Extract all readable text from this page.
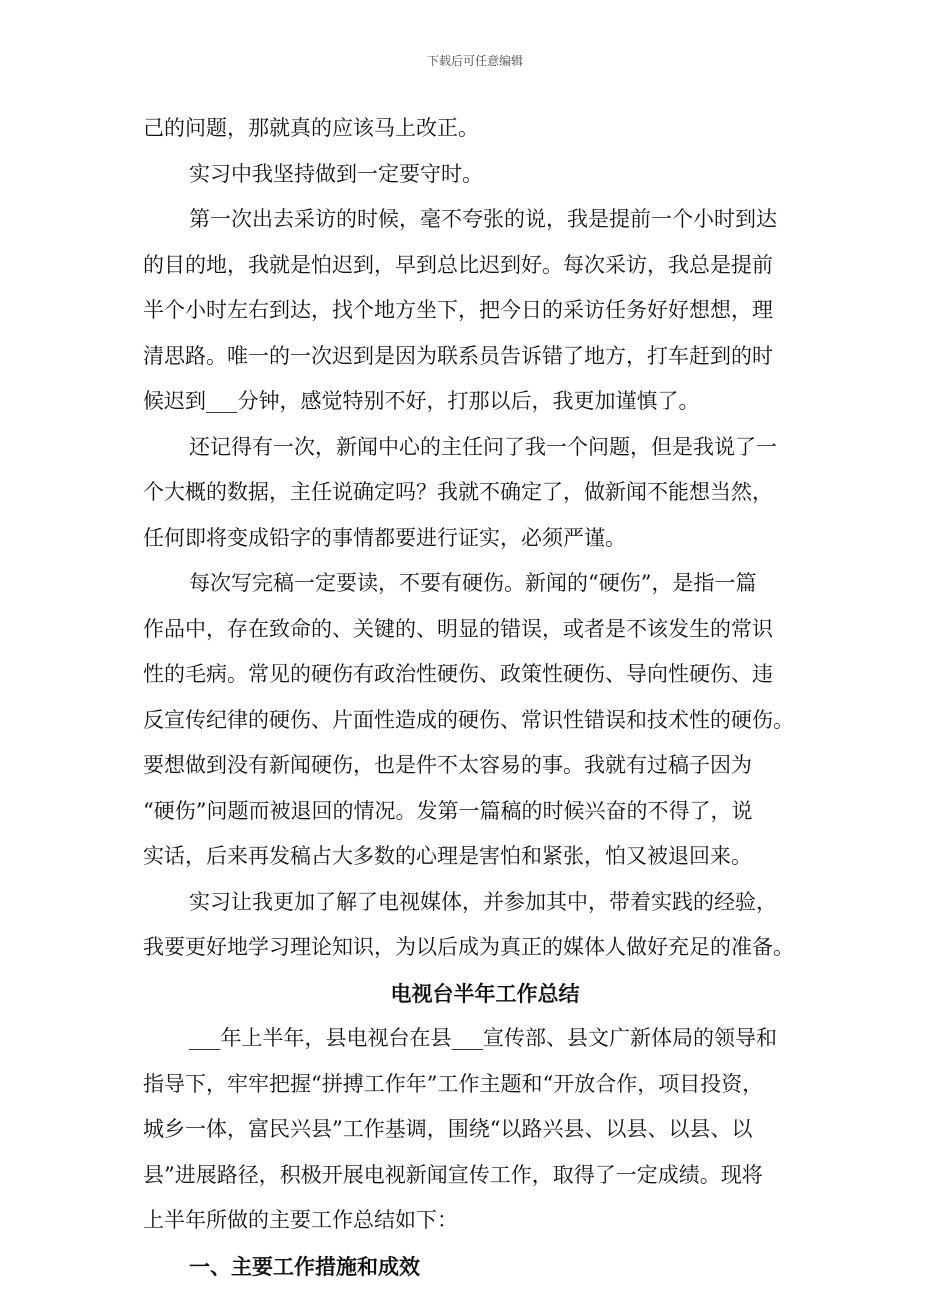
下载后可任意编辑
己的问题，那就真的应该马上改正。
实习中我坚持做到一定要守时。
第一次出去采访的时候，毫不夸张的说，我是提前一个小时到达
的目的地，我就是怕迟到，早到总比迟到好。每次采访，我总是提前
半个小时左右到达，找个地方坐下，把今日的采访任务好好想想，理
清思路。唯一的一次迟到是因为联系员告诉错了地方，打车赶到的时
候迟到___分钟，感觉特别不好，打那以后，我更加谨慎了。
还记得有一次，新闻中心的主任问了我一个问题，但是我说了一
个大概的数据，主任说确定吗？我就不确定了，做新闻不能想当然，
任何即将变成铅字的事情都要进行证实，必须严谨。
每次写完稿一定要读，不要有硬伤。新闻的“硬伤”，是指一篇
作品中，存在致命的、关键的、明显的错误，或者是不该发生的常识
性的毛病。常见的硬伤有政治性硬伤、政策性硬伤、导向性硬伤、违
反宣传纪律的硬伤、片面性造成的硬伤、常识性错误和技术性的硬伤。
要想做到没有新闻硬伤，也是件不太容易的事。我就有过稿子因为
“硬伤”问题而被退回的情况。发第一篇稿的时候兴奋的不得了，说
实话，后来再发稿占大多数的心理是害怕和紧张，怕又被退回来。
实习让我更加了解了电视媒体，并参加其中，带着实践的经验，
我要更好地学习理论知识，为以后成为真正的媒体人做好充足的准备。
电视台半年工作总结
___年上半年，县电视台在县___宣传部、县文广新体局的领导和
指导下，牢牢把握“拼搏工作年”工作主题和“开放合作，项目投资，
城乡一体，富民兴县”工作基调，围绕“以路兴县、以县、以县、以
县”进展路径，积极开展电视新闻宣传工作，取得了一定成绩。现将
上半年所做的主要工作总结如下：
一、主要工作措施和成效
